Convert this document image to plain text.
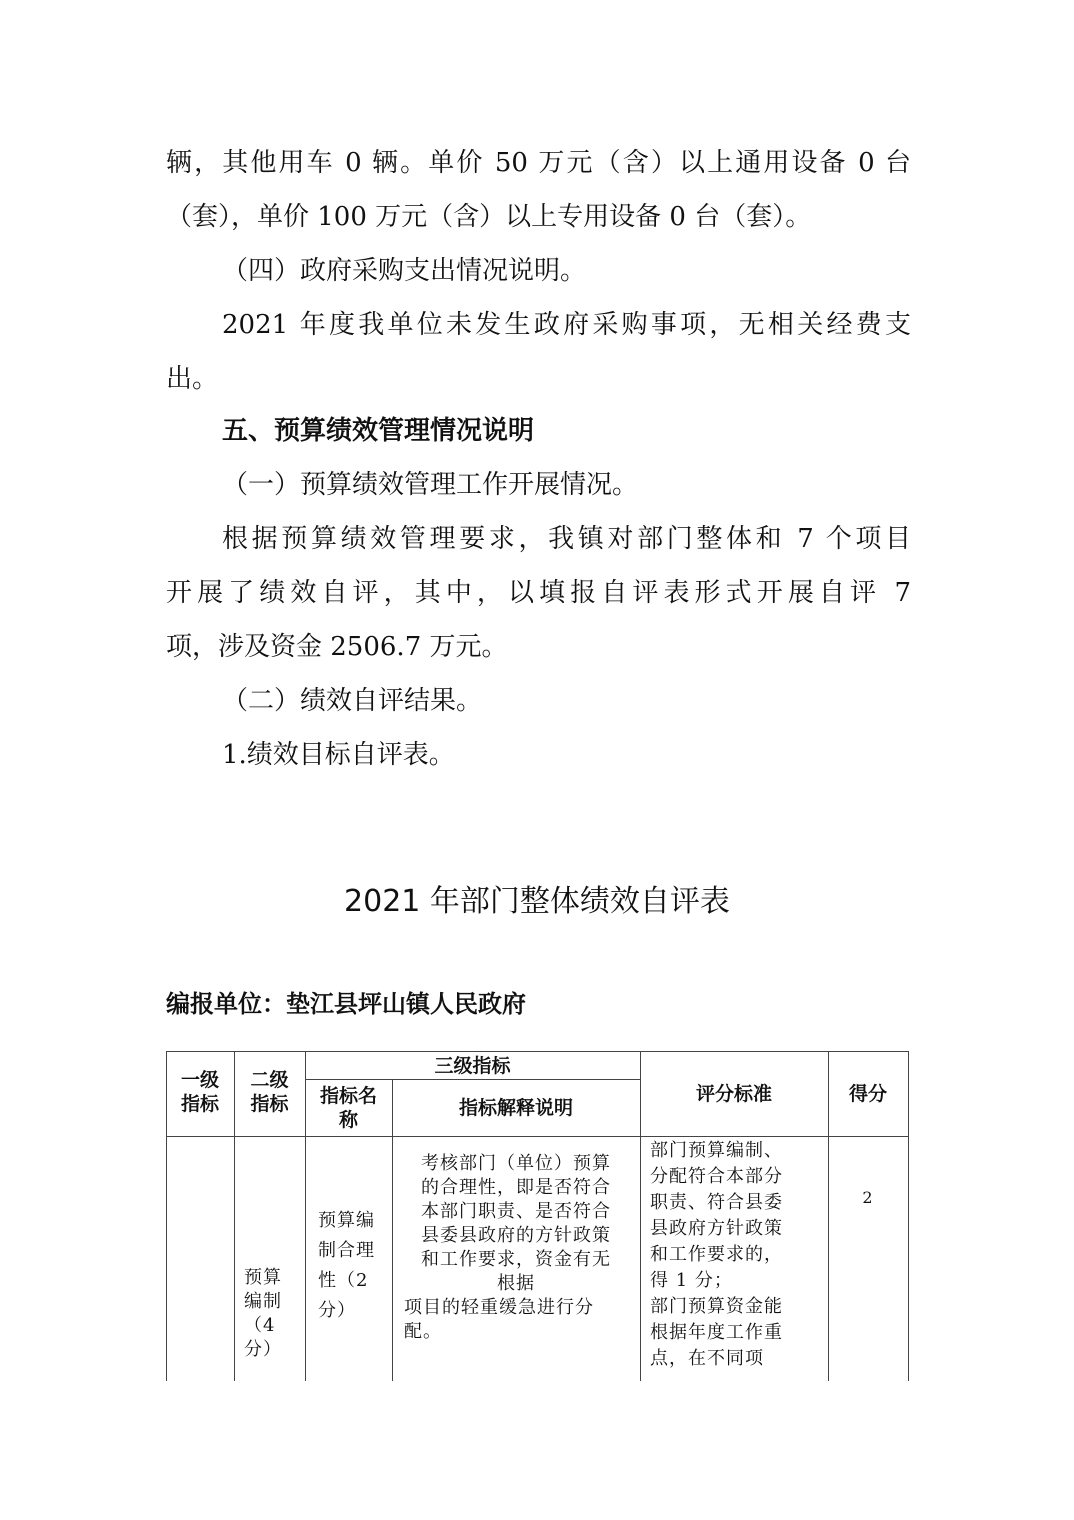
辆，其他用车 0 辆。单价 50 万元（含）以上通用设备 0 台
（套），单价 100 万元（含）以上专用设备 0 台（套）。
（四）政府采购支出情况说明。
2021 年度我单位未发生政府采购事项，无相关经费支
出。
五、预算绩效管理情况说明
（一）预算绩效管理工作开展情况。
根据预算绩效管理要求，我镇对部门整体和 7 个项目
开展了绩效自评，其中，以填报自评表形式开展自评 7
项，涉及资金 2506.7 万元。
（二）绩效自评结果。
1.绩效目标自评表。
2021 年部门整体绩效自评表
编报单位：垫江县坪山镇人民政府
一级
指标
二级
指标
三级指标
指标名
称
指标解释说明
评分标准	得分
预算
编制
（4
分）
预算编
制合理
性（2
分）
考核部门（单位）预算
的合理性，即是否符合
本部门职责、是否符合
县委县政府的方针政策
和工作要求，资金有无
根据
项目的轻重缓急进行分
配。
部门预算编制、
分配符合本部分
职责、符合县委
县政府方针政策
和工作要求的，
得 1 分；
部门预算资金能
根据年度工作重
点，在不同项
2
